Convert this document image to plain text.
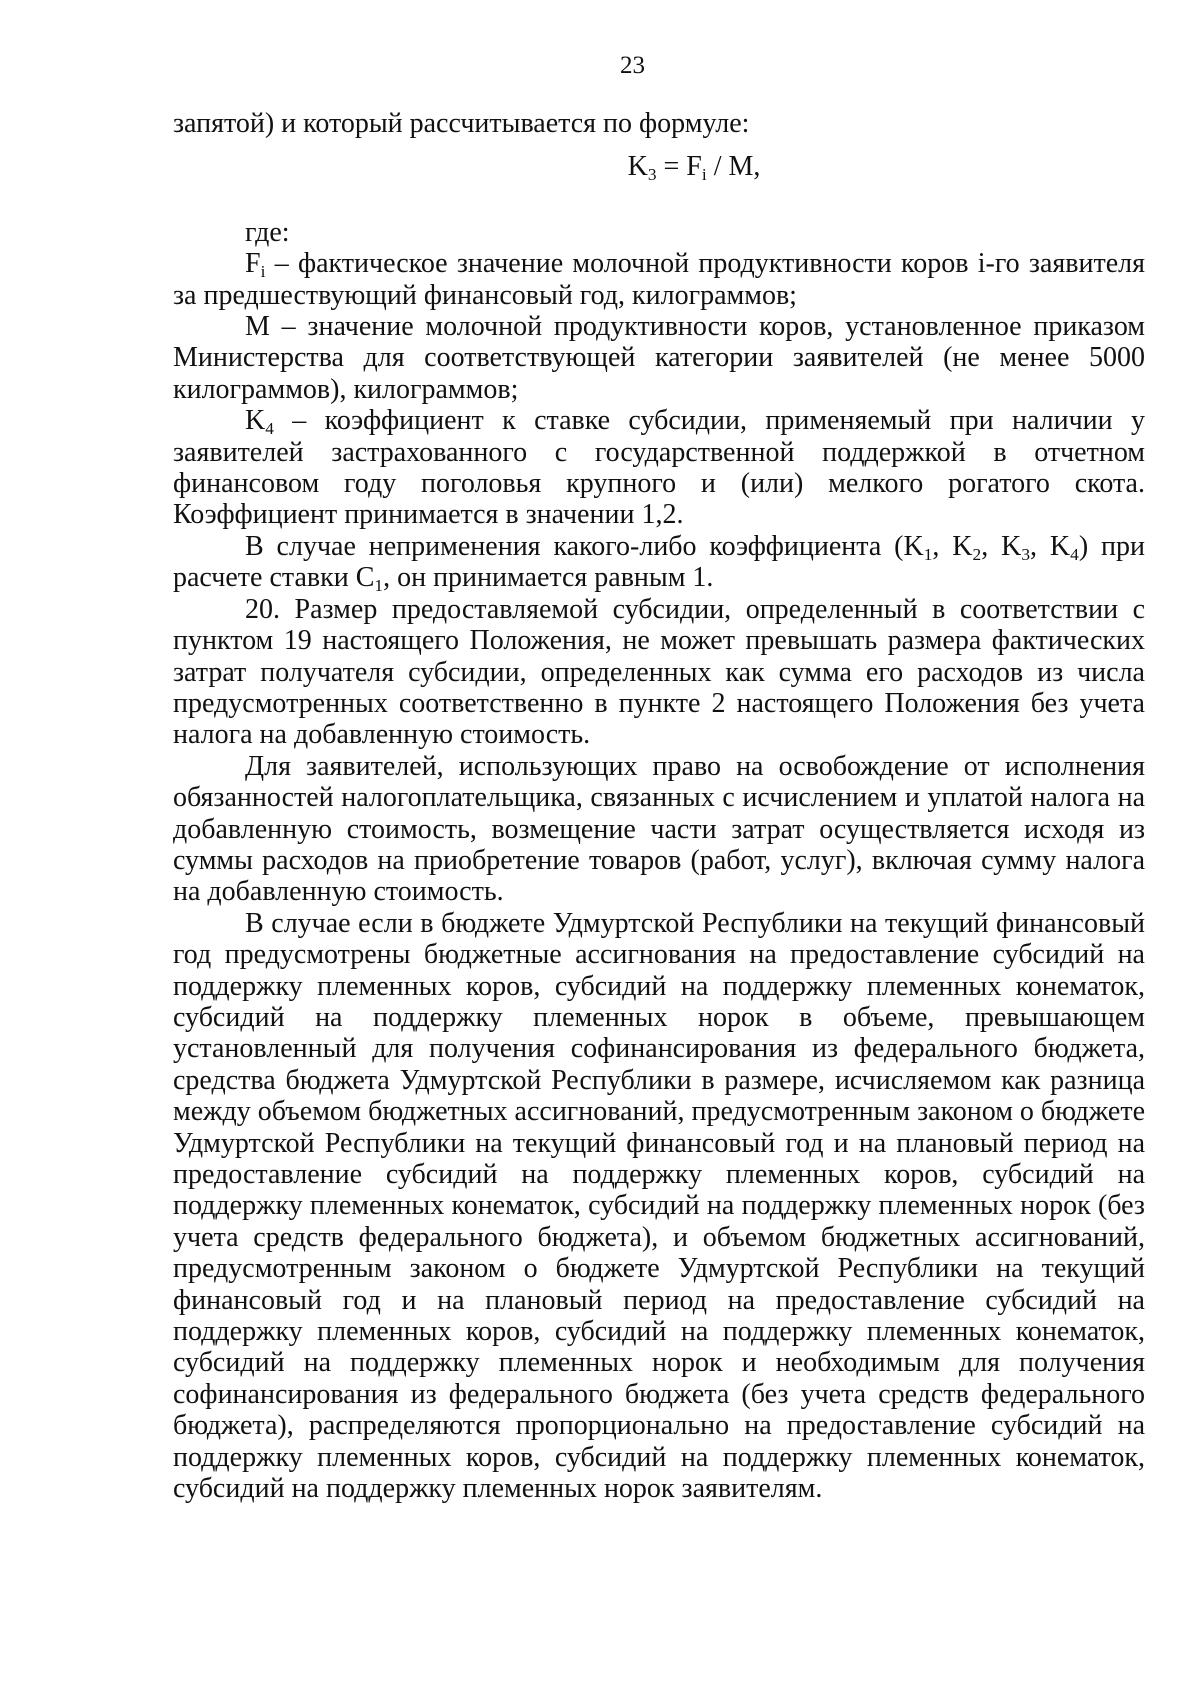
23

запятой) и который рассчитывается по формуле:

$K_3 = F_i / M$,

где:

$F_i$ – фактическое значение молочной продуктивности коров i-го заявителя за предшествующий финансовый год, килограммов;

M – значение молочной продуктивности коров, установленное приказом Министерства для соответствующей категории заявителей (не менее 5000 килограммов), килограммов;

$K_4$ – коэффициент к ставке субсидии, применяемый при наличии у заявителей застрахованного с государственной поддержкой в отчетном финансовом году поголовья крупного и (или) мелкого рогатого скота. Коэффициент принимается в значении 1,2.

В случае неприменения какого-либо коэффициента ($K_1$, $K_2$, $K_3$, $K_4$) при расчете ставки $C_1$, он принимается равным 1.

20. Размер предоставляемой субсидии, определенный в соответствии с пунктом 19 настоящего Положения, не может превышать размера фактических затрат получателя субсидии, определенных как сумма его расходов из числа предусмотренных соответственно в пункте 2 настоящего Положения без учета налога на добавленную стоимость.

Для заявителей, использующих право на освобождение от исполнения обязанностей налогоплательщика, связанных с исчислением и уплатой налога на добавленную стоимость, возмещение части затрат осуществляется исходя из суммы расходов на приобретение товаров (работ, услуг), включая сумму налога на добавленную стоимость.

В случае если в бюджете Удмуртской Республики на текущий финансовый год предусмотрены бюджетные ассигнования на предоставление субсидий на поддержку племенных коров, субсидий на поддержку племенных конематок, субсидий на поддержку племенных норок в объеме, превышающем установленный для получения софинансирования из федерального бюджета, средства бюджета Удмуртской Республики в размере, исчисляемом как разница между объемом бюджетных ассигнований, предусмотренным законом о бюджете Удмуртской Республики на текущий финансовый год и на плановый период на предоставление субсидий на поддержку племенных коров, субсидий на поддержку племенных конематок, субсидий на поддержку племенных норок (без учета средств федерального бюджета), и объемом бюджетных ассигнований, предусмотренным законом о бюджете Удмуртской Республики на текущий финансовый год и на плановый период на предоставление субсидий на поддержку племенных коров, субсидий на поддержку племенных конематок, субсидий на поддержку племенных норок и необходимым для получения софинансирования из федерального бюджета (без учета средств федерального бюджета), распределяются пропорционально на предоставление субсидий на поддержку племенных коров, субсидий на поддержку племенных конематок, субсидий на поддержку племенных норок заявителям.
